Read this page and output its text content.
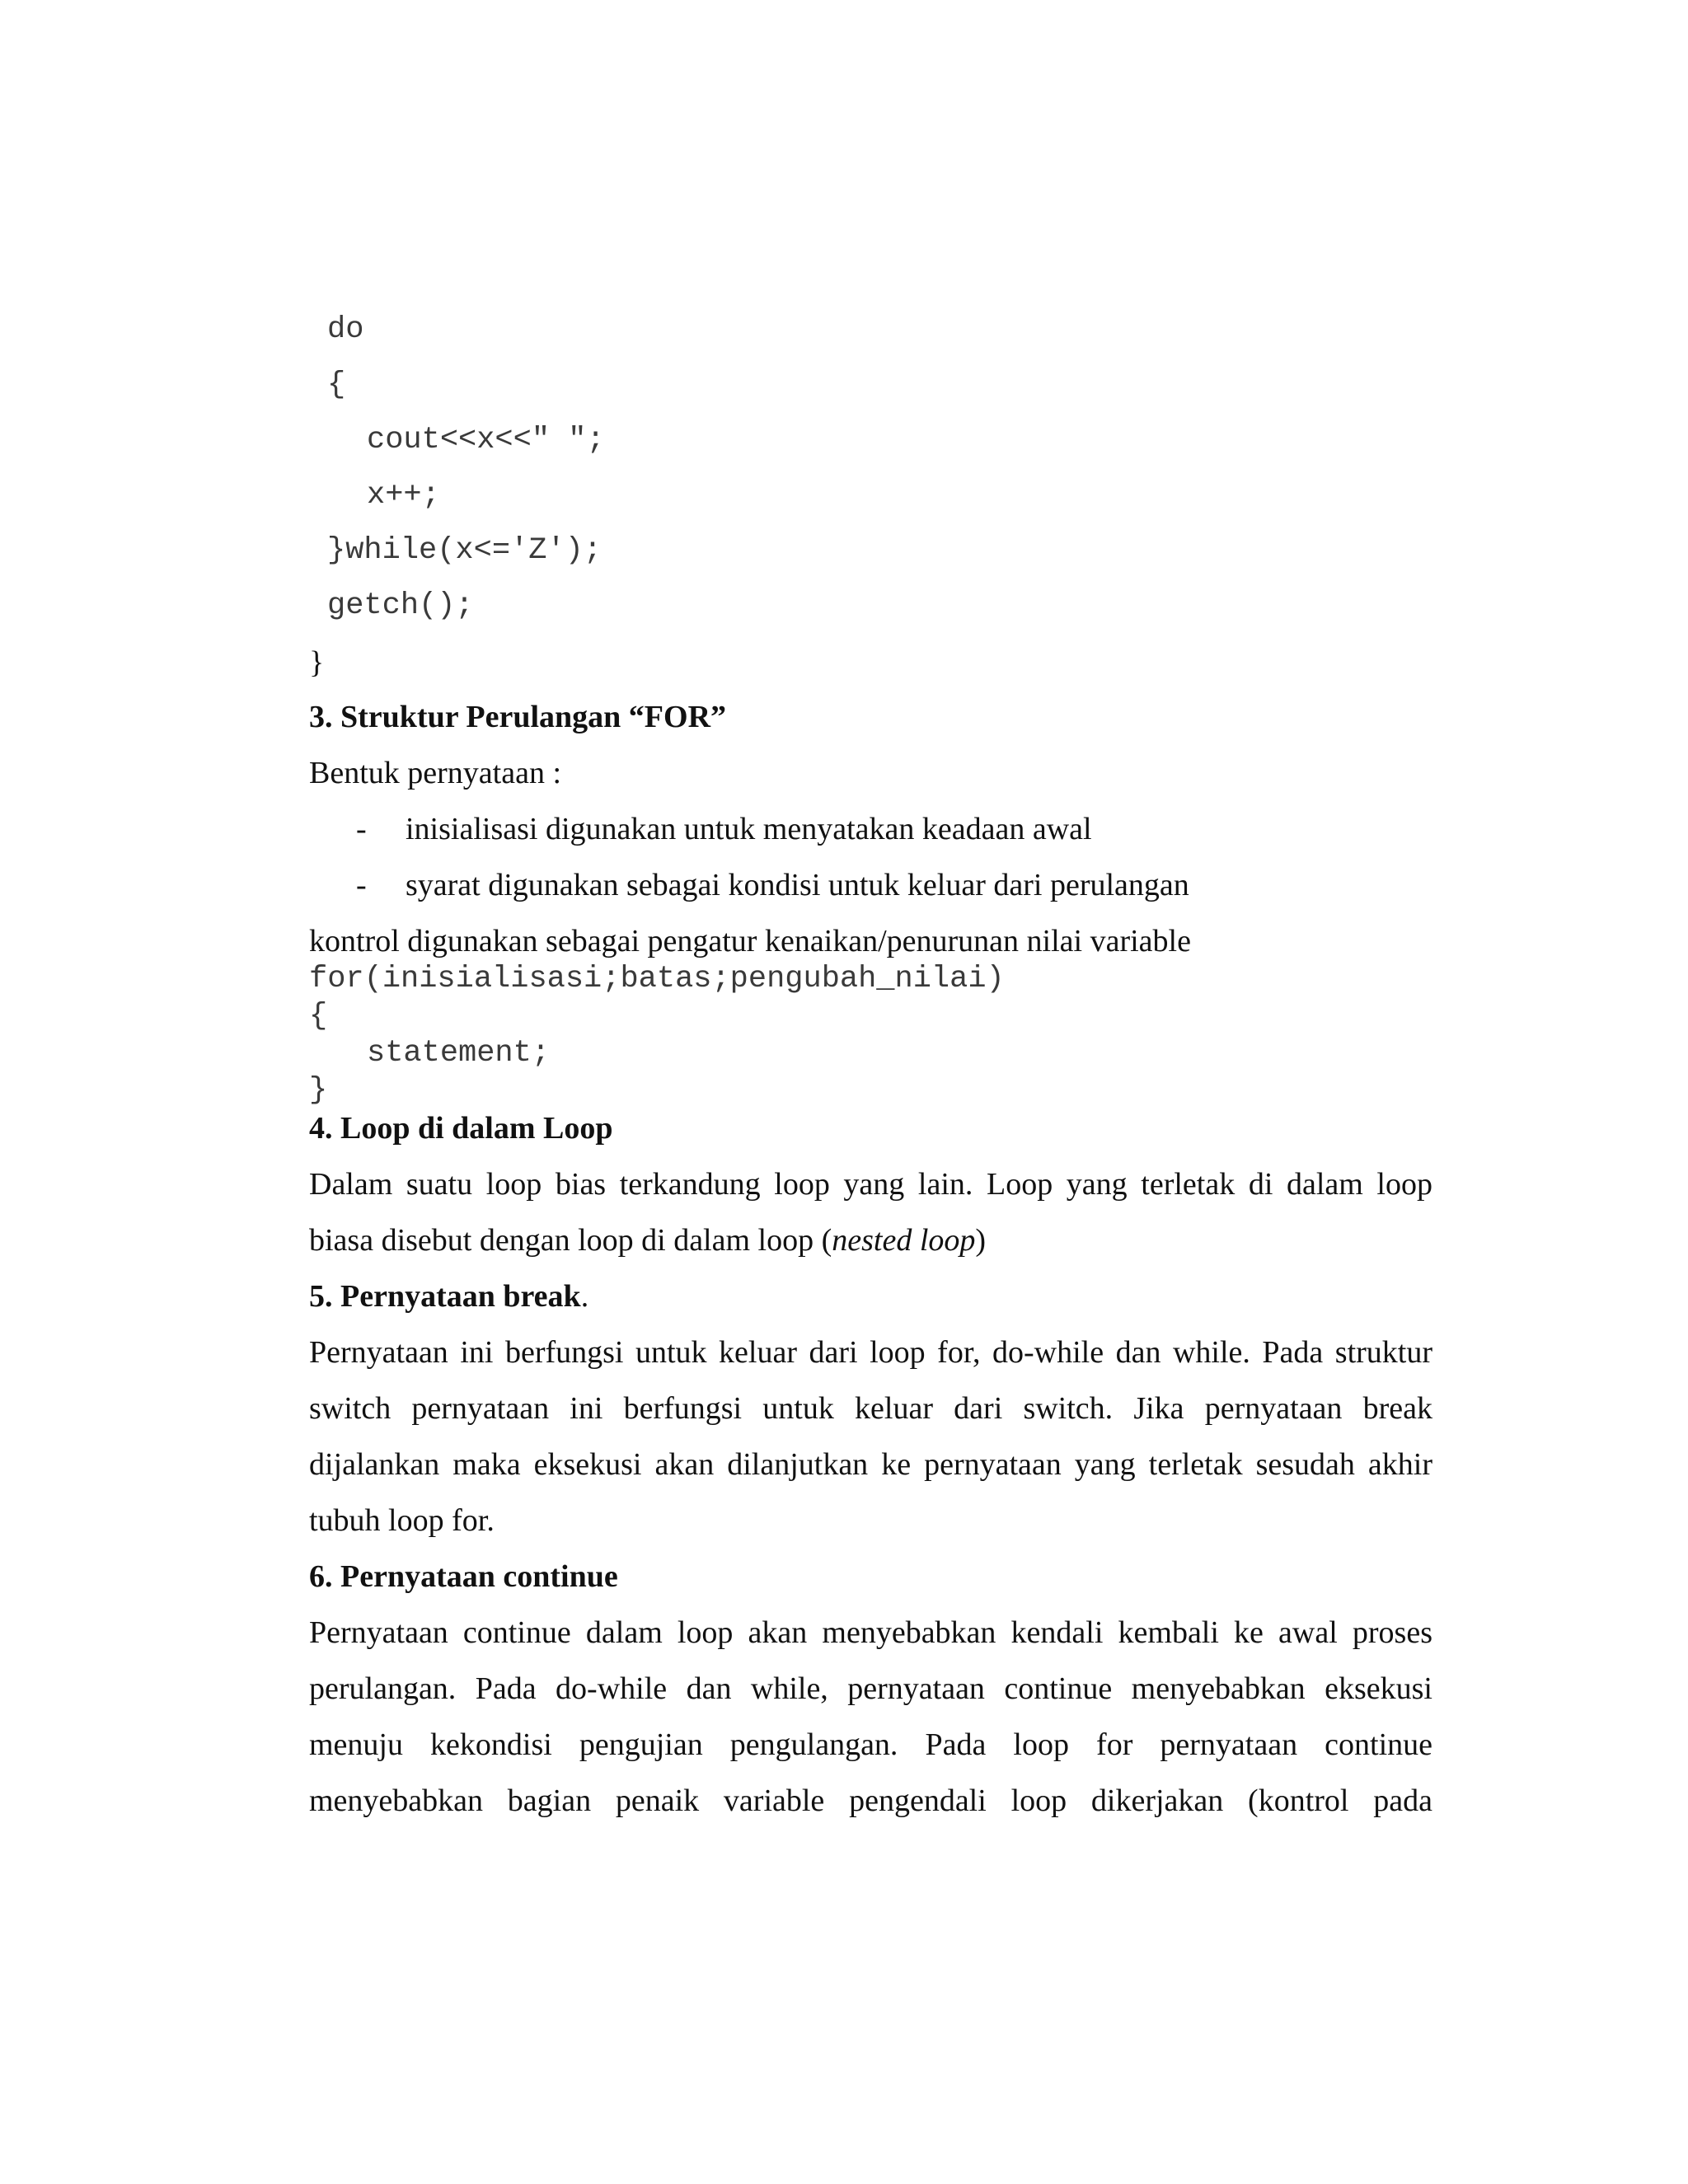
do
{
cout<<x<<" ";
x++;
}while(x<='Z');
getch();
}
3. Struktur Perulangan “FOR”
Bentuk pernyataan :
- inisialisasi digunakan untuk menyatakan keadaan awal
- syarat digunakan sebagai kondisi untuk keluar dari perulangan
kontrol digunakan sebagai pengatur kenaikan/penurunan nilai variable
for(inisialisasi;batas;pengubah_nilai)
{
statement;
}
4. Loop di dalam Loop
Dalam suatu loop bias terkandung loop yang lain. Loop yang terletak di dalam loop
biasa disebut dengan loop di dalam loop (nested loop)
5. Pernyataan break.
Pernyataan ini berfungsi untuk keluar dari loop for, do-while dan while. Pada struktur
switch pernyataan ini berfungsi untuk keluar dari switch. Jika pernyataan break
dijalankan maka eksekusi akan dilanjutkan ke pernyataan yang terletak sesudah akhir
tubuh loop for.
6. Pernyataan continue
Pernyataan continue dalam loop akan menyebabkan kendali kembali ke awal proses
perulangan. Pada do-while dan while, pernyataan continue menyebabkan eksekusi
menuju kekondisi pengujian pengulangan. Pada loop for pernyataan continue
menyebabkan bagian penaik variable pengendali loop dikerjakan (kontrol pada
